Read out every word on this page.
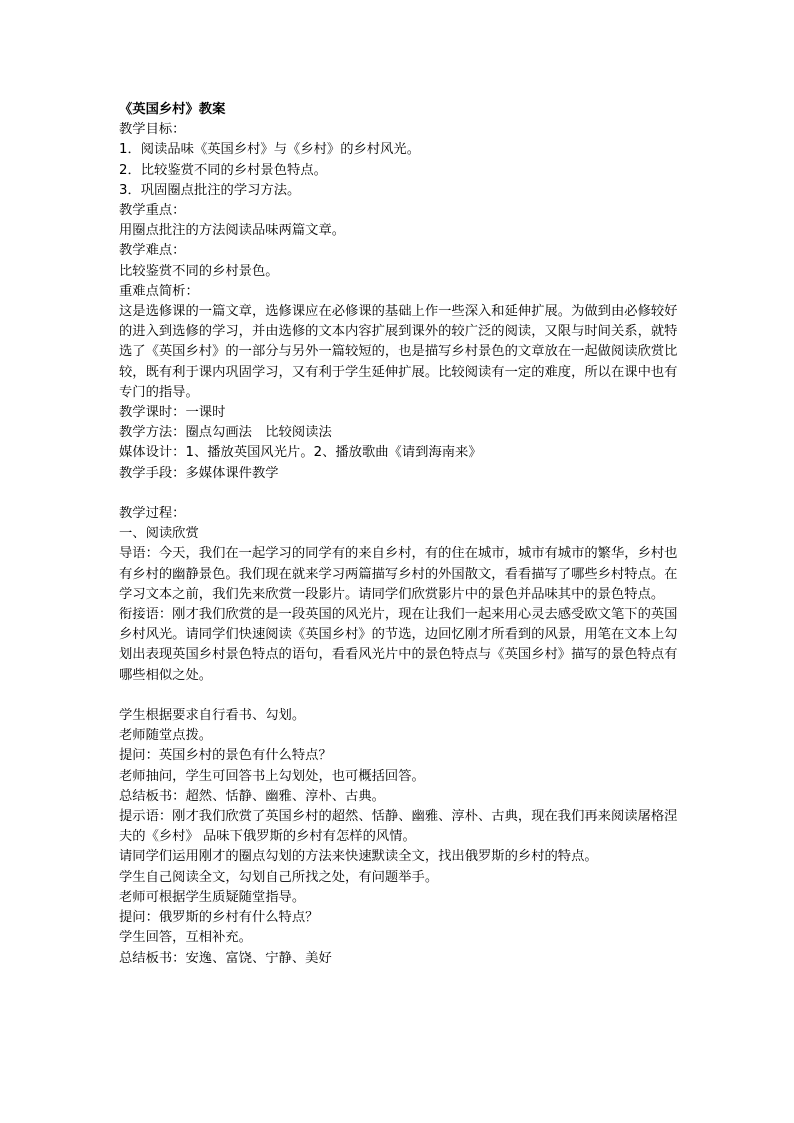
《英国乡村》教案
教学目标：
1．阅读品味《英国乡村》与《乡村》的乡村风光。
2．比较鉴赏不同的乡村景色特点。
3．巩固圈点批注的学习方法。
教学重点：
用圈点批注的方法阅读品味两篇文章。
教学难点：
比较鉴赏不同的乡村景色。
重难点简析：
这是选修课的一篇文章，选修课应在必修课的基础上作一些深入和延伸扩展。为做到由必修较好的进入到选修的学习，并由选修的文本内容扩展到课外的较广泛的阅读，又限与时间关系，就特选了《英国乡村》的一部分与另外一篇较短的，也是描写乡村景色的文章放在一起做阅读欣赏比较，既有利于课内巩固学习，又有利于学生延伸扩展。比较阅读有一定的难度，所以在课中也有专门的指导。
教学课时：一课时
教学方法：圈点勾画法　比较阅读法
媒体设计：1、播放英国风光片。2、播放歌曲《请到海南来》
教学手段：多媒体课件教学
教学过程：
一、阅读欣赏
导语：今天，我们在一起学习的同学有的来自乡村，有的住在城市，城市有城市的繁华，乡村也有乡村的幽静景色。我们现在就来学习两篇描写乡村的外国散文，看看描写了哪些乡村特点。在学习文本之前，我们先来欣赏一段影片。请同学们欣赏影片中的景色并品味其中的景色特点。
衔接语：刚才我们欣赏的是一段英国的风光片，现在让我们一起来用心灵去感受欧文笔下的英国乡村风光。请同学们快速阅读《英国乡村》的节选，边回忆刚才所看到的风景，用笔在文本上勾划出表现英国乡村景色特点的语句，看看风光片中的景色特点与《英国乡村》描写的景色特点有哪些相似之处。
学生根据要求自行看书、勾划。
老师随堂点拨。
提问：英国乡村的景色有什么特点？
老师抽问，学生可回答书上勾划处，也可概括回答。
总结板书：超然、恬静、幽雅、淳朴、古典。
提示语：刚才我们欣赏了英国乡村的超然、恬静、幽雅、淳朴、古典，现在我们再来阅读屠格涅夫的《乡村》 品味下俄罗斯的乡村有怎样的风情。
请同学们运用刚才的圈点勾划的方法来快速默读全文，找出俄罗斯的乡村的特点。
学生自己阅读全文，勾划自己所找之处，有问题举手。
老师可根据学生质疑随堂指导。
提问：俄罗斯的乡村有什么特点？
学生回答，互相补充。
总结板书：安逸、富饶、宁静、美好
